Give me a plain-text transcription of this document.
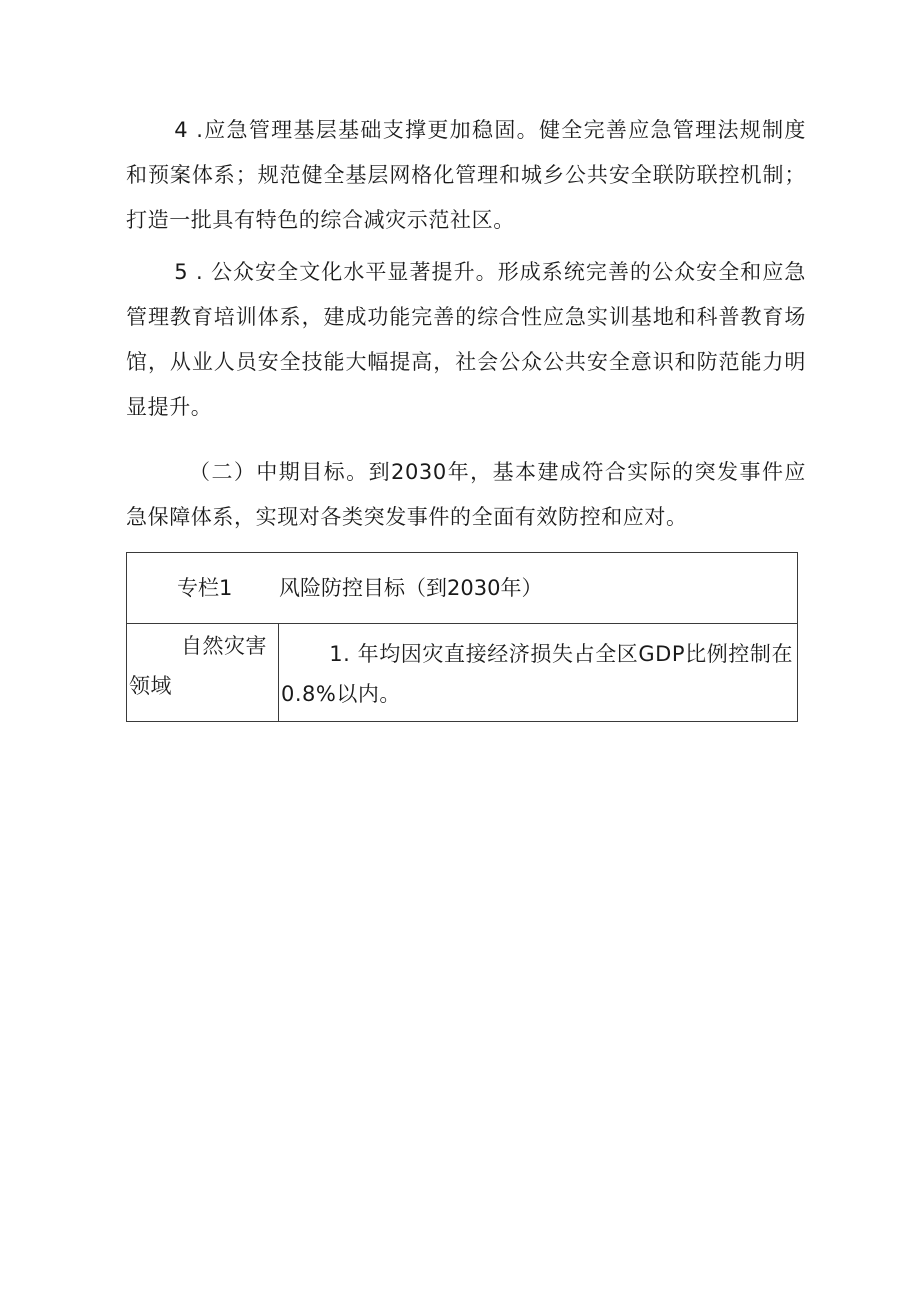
4 .应急管理基层基础支撑更加稳固。健全完善应急管理法规制度和预案体系；规范健全基层网格化管理和城乡公共安全联防联控机制；打造一批具有特色的综合减灾示范社区。

5 . 公众安全文化水平显著提升。形成系统完善的公众安全和应急管理教育培训体系，建成功能完善的综合性应急实训基地和科普教育场馆，从业人员安全技能大幅提高，社会公众公共安全意识和防范能力明显提升。

（二）中期目标。到2030年，基本建成符合实际的突发事件应急保障体系，实现对各类突发事件的全面有效防控和应对。

专栏1 风险防控目标（到2030年）

自然灾害领域

1. 年均因灾直接经济损失占全区GDP比例控制在0.8%以内。
